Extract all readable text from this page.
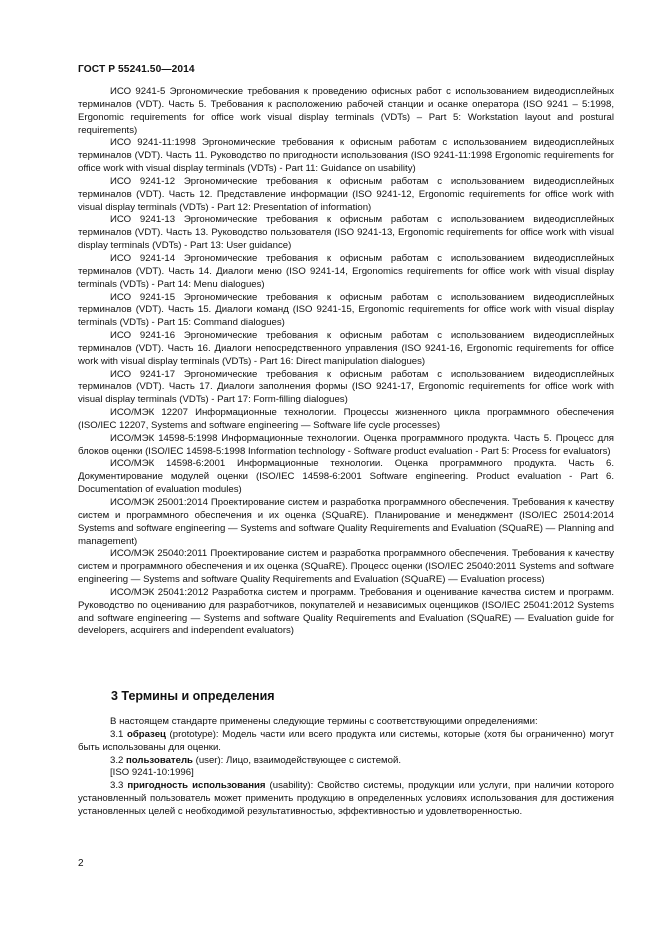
ГОСТ Р 55241.50—2014

ИСО 9241-5 Эргономические требования к проведению офисных работ с использованием видеодисплейных терминалов (VDT). Часть 5. Требования к расположению рабочей станции и осанке оператора (ISO 9241 – 5:1998, Ergonomic requirements for office work visual display terminals (VDTs) – Part 5: Workstation layout and postural requirements)

ИСО 9241-11:1998 Эргономические требования к офисным работам с использованием видеодисплейных терминалов (VDT). Часть 11. Руководство по пригодности использования (ISO 9241-11:1998 Ergonomic requirements for office work with visual display terminals (VDTs) - Part 11: Guidance on usability)

ИСО 9241-12 Эргономические требования к офисным работам с использованием видеодисплейных терминалов (VDT). Часть 12. Представление информации (ISO 9241-12, Ergonomic requirements for office work with visual display terminals (VDTs) - Part 12: Presentation of information)

ИСО 9241-13 Эргономические требования к офисным работам с использованием видеодисплейных терминалов (VDT). Часть 13. Руководство пользователя (ISO 9241-13, Ergonomic requirements for office work with visual display terminals (VDTs) - Part 13: User guidance)

ИСО 9241-14 Эргономические требования к офисным работам с использованием видеодисплейных терминалов (VDT). Часть 14. Диалоги меню (ISO 9241-14, Ergonomics requirements for office work with visual display terminals (VDTs) - Part 14: Menu dialogues)

ИСО 9241-15 Эргономические требования к офисным работам с использованием видеодисплейных терминалов (VDT). Часть 15. Диалоги команд (ISO 9241-15, Ergonomic requirements for office work with visual display terminals (VDTs) - Part 15: Command dialogues)

ИСО 9241-16 Эргономические требования к офисным работам с использованием видеодисплейных терминалов (VDT). Часть 16. Диалоги непосредственного управления (ISO 9241-16, Ergonomic requirements for office work with visual display terminals (VDTs) - Part 16: Direct manipulation dialogues)

ИСО 9241-17 Эргономические требования к офисным работам с использованием видеодисплейных терминалов (VDT). Часть 17. Диалоги заполнения формы (ISO 9241-17, Ergonomic requirements for office work with visual display terminals (VDTs) - Part 17: Form-filling dialogues)

ИСО/МЭК 12207 Информационные технологии. Процессы жизненного цикла программного обеспечения (ISO/IEC 12207, Systems and software engineering — Software life cycle processes)

ИСО/МЭК 14598-5:1998 Информационные технологии. Оценка программного продукта. Часть 5. Процесс для блоков оценки (ISO/IEC 14598-5:1998 Information technology - Software product evaluation - Part 5: Process for evaluators)

ИСО/МЭК 14598-6:2001 Информационные технологии. Оценка программного продукта. Часть 6. Документирование модулей оценки (ISO/IEC 14598-6:2001 Software engineering. Product evaluation - Part 6. Documentation of evaluation modules)

ИСО/МЭК 25001:2014 Проектирование систем и разработка программного обеспечения. Требования к качеству систем и программного обеспечения и их оценка (SQuaRE). Планирование и менеджмент (ISO/IEC 25014:2014 Systems and software engineering — Systems and software Quality Requirements and Evaluation (SQuaRE) — Planning and management)

ИСО/МЭК 25040:2011 Проектирование систем и разработка программного обеспечения. Требования к качеству систем и программного обеспечения и их оценка (SQuaRE). Процесс оценки (ISO/IEC 25040:2011 Systems and software engineering — Systems and software Quality Requirements and Evaluation (SQuaRE) — Evaluation process)

ИСО/МЭК 25041:2012 Разработка систем и программ. Требования и оценивание качества систем и программ. Руководство по оцениванию для разработчиков, покупателей и независимых оценщиков (ISO/IEC 25041:2012 Systems and software engineering — Systems and software Quality Requirements and Evaluation (SQuaRE) — Evaluation guide for developers, acquirers and independent evaluators)

3 Термины и определения

В настоящем стандарте применены следующие термины с соответствующими определениями:

3.1 образец (prototype): Модель части или всего продукта или системы, которые (хотя бы ограниченно) могут быть использованы для оценки.

3.2 пользователь (user): Лицо, взаимодействующее с системой.

[ISO 9241-10:1996]

3.3 пригодность использования (usability): Свойство системы, продукции или услуги, при наличии которого установленный пользователь может применить продукцию в определенных условиях использования для достижения установленных целей с необходимой результативностью, эффективностью и удовлетворенностью.

2
